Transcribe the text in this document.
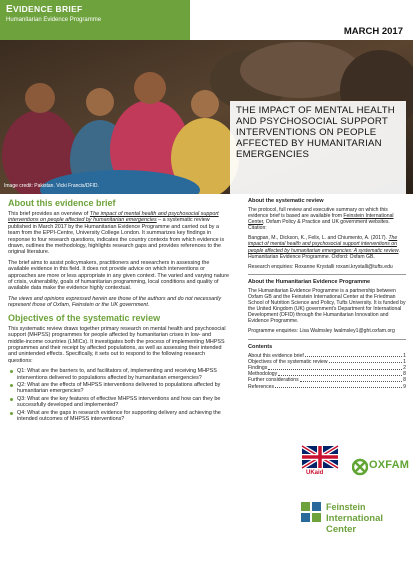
EVIDENCE BRIEF
Humanitarian Evidence Programme
MARCH 2017
THE IMPACT OF MENTAL HEALTH AND PSYCHOSOCIAL SUPPORT INTERVENTIONS ON PEOPLE AFFECTED BY HUMANITARIAN EMERGENCIES
Image credit: Pakistan. Vicki Francis/DFID.
About this evidence brief

This brief provides an overview of The impact of mental health and psychosocial support interventions on people affected by humanitarian emergencies – a systematic review published in March 2017 by the Humanitarian Evidence Programme and carried out by a team from the EPPI-Centre, University College London. It summarizes key findings in response to four research questions, indicates the country contexts from which evidence is drawn, outlines the methodology, highlights research gaps and provides references to the original literature.

The brief aims to assist policymakers, practitioners and researchers in assessing the available evidence in this field. It does not provide advice on which interventions or approaches are more or less appropriate in any given context. The varied and varying nature of crisis, vulnerability, goals of humanitarian programming, local conditions and quality of available data make the evidence highly contextual.

The views and opinions expressed herein are those of the authors and do not necessarily represent those of Oxfam, Feinstein or the UK government.

Objectives of the systematic review

This systematic review draws together primary research on mental health and psychosocial support (MHPSS) programmes for people affected by humanitarian crises in low- and middle-income countries (LMICs). It investigates both the process of implementing MHPSS programmes and their receipt by affected populations, as well as assessing their intended and unintended effects. Specifically, it sets out to respond to the following research questions:

Q1: What are the barriers to, and facilitators of, implementing and receiving MHPSS interventions delivered to populations affected by humanitarian emergencies?
Q2: What are the effects of MHPSS interventions delivered to populations affected by humanitarian emergencies?
Q3: What are the key features of effective MHPSS interventions and how can they be successfully developed and implemented?
Q4: What are the gaps in research evidence for supporting delivery and achieving the intended outcomes of MHPSS interventions?
About the systematic review

The protocol, full review and executive summary on which this evidence brief is based are available from Feinstein International Center, Oxfam Policy & Practice and UK government websites. Citation:

Bangpan, M., Dickson, K., Felix, L. and Chiumento, A. (2017). The impact of mental health and psychosocial support interventions on people affected by humanitarian emergencies: A systematic review. Humanitarian Evidence Programme. Oxford: Oxfam GB.

Research enquiries: Roxanne Krystalli roxani.krystalli@tufts.edu

About the Humanitarian Evidence Programme

The Humanitarian Evidence Programme is a partnership between Oxfam GB and the Feinstein International Center at the Friedman School of Nutrition Science and Policy, Tufts University. It is funded by the United Kingdom (UK) government's Department for International Development (DFID) through the Humanitarian Innovation and Evidence Programme.

Programme enquiries: Lisa Walmsley lwalmsley1@ght.oxfam.org

Contents
About this evidence brief	1
Objectives of the systematic review	1
Findings	2
Methodology	8
Further considerations	8
References	9
UKaid
OXFAM
Feinstein
International Center
